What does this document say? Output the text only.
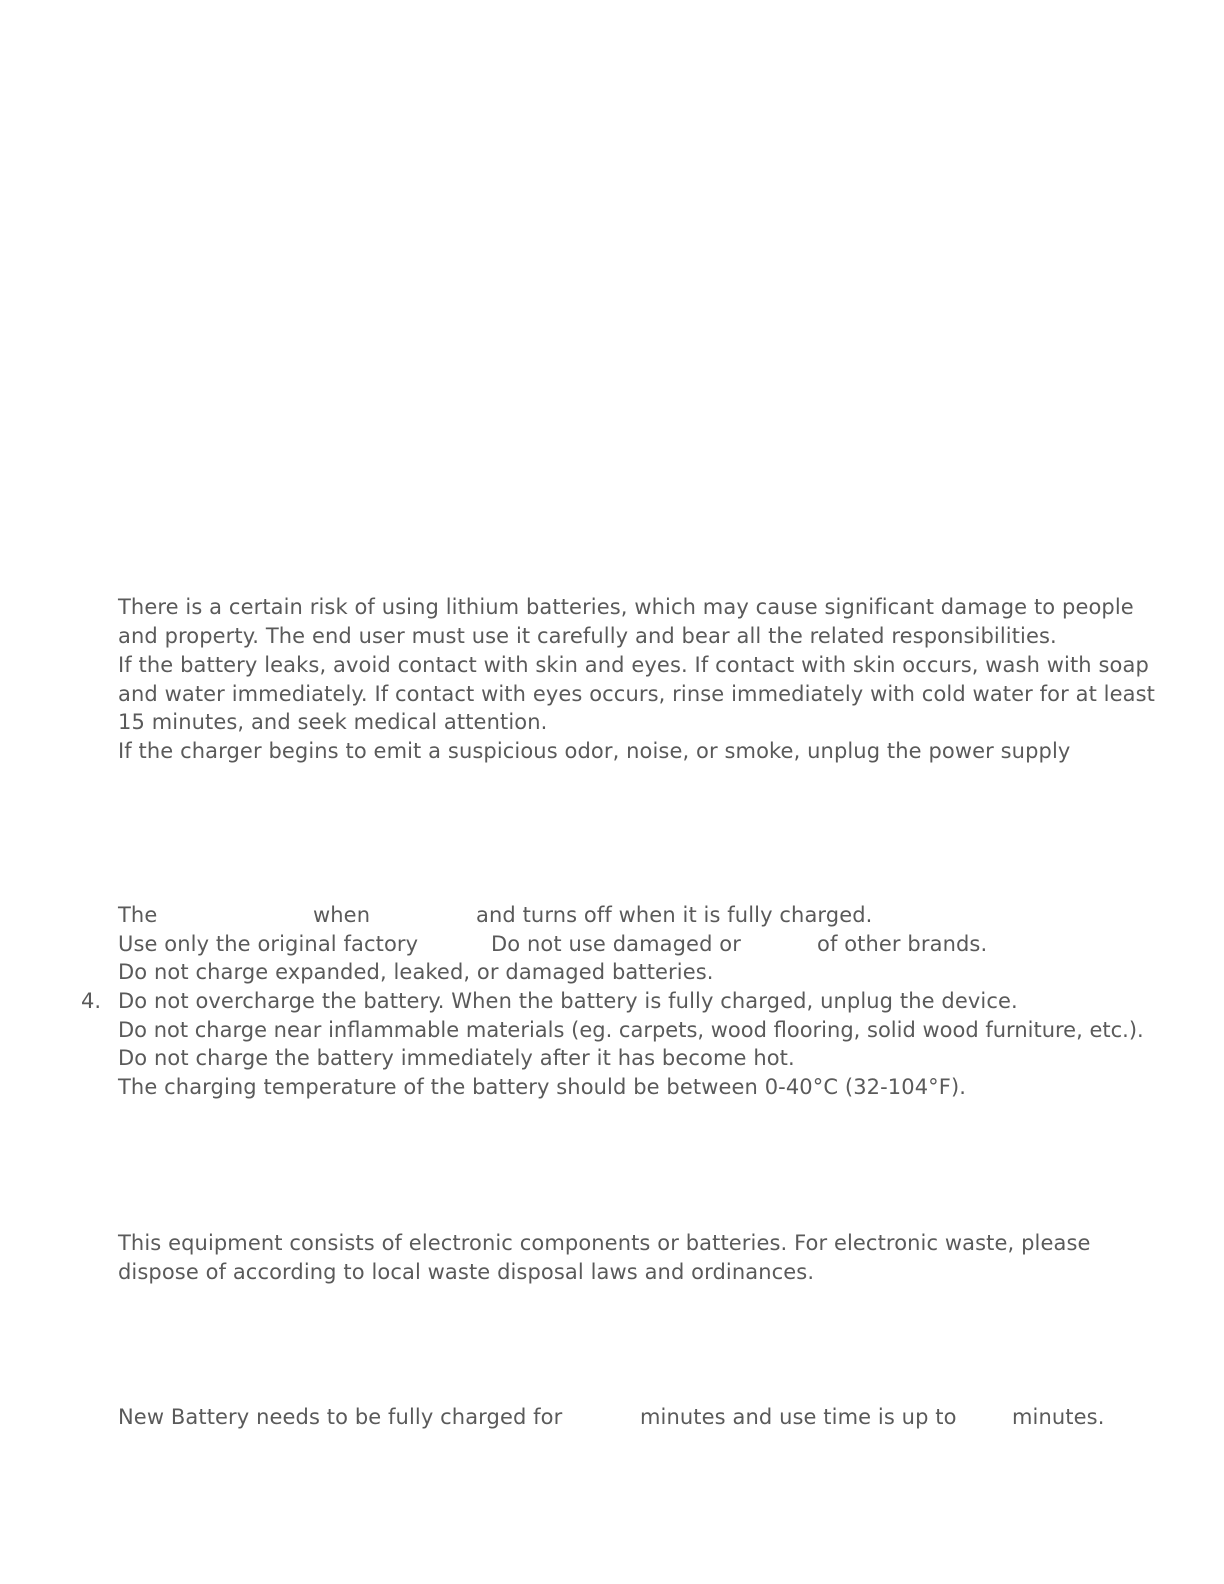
There is a certain risk of using lithium batteries, which may cause significant damage to people
and property. The end user must use it carefully and bear all the related responsibilities.
If the battery leaks, avoid contact with skin and eyes. If contact with skin occurs, wash with soap
and water immediately. If contact with eyes occurs, rinse immediately with cold water for at least
15 minutes, and seek medical attention.
If the charger begins to emit a suspicious odor, noise, or smoke, unplug the power supply
The	when	and turns off when it is fully charged.
Use only the original factory	Do not use damaged or	of other brands.
Do not charge expanded, leaked, or damaged batteries.
4. Do not overcharge the battery. When the battery is fully charged, unplug the device.
Do not charge near inflammable materials (eg. carpets, wood flooring, solid wood furniture, etc.).
Do not charge the battery immediately after it has become hot.
The charging temperature of the battery should be between 0-40°C (32-104°F).
This equipment consists of electronic components or batteries. For electronic waste, please
dispose of according to local waste disposal laws and ordinances.
New Battery needs to be fully charged for	minutes and use time is up to	minutes.
